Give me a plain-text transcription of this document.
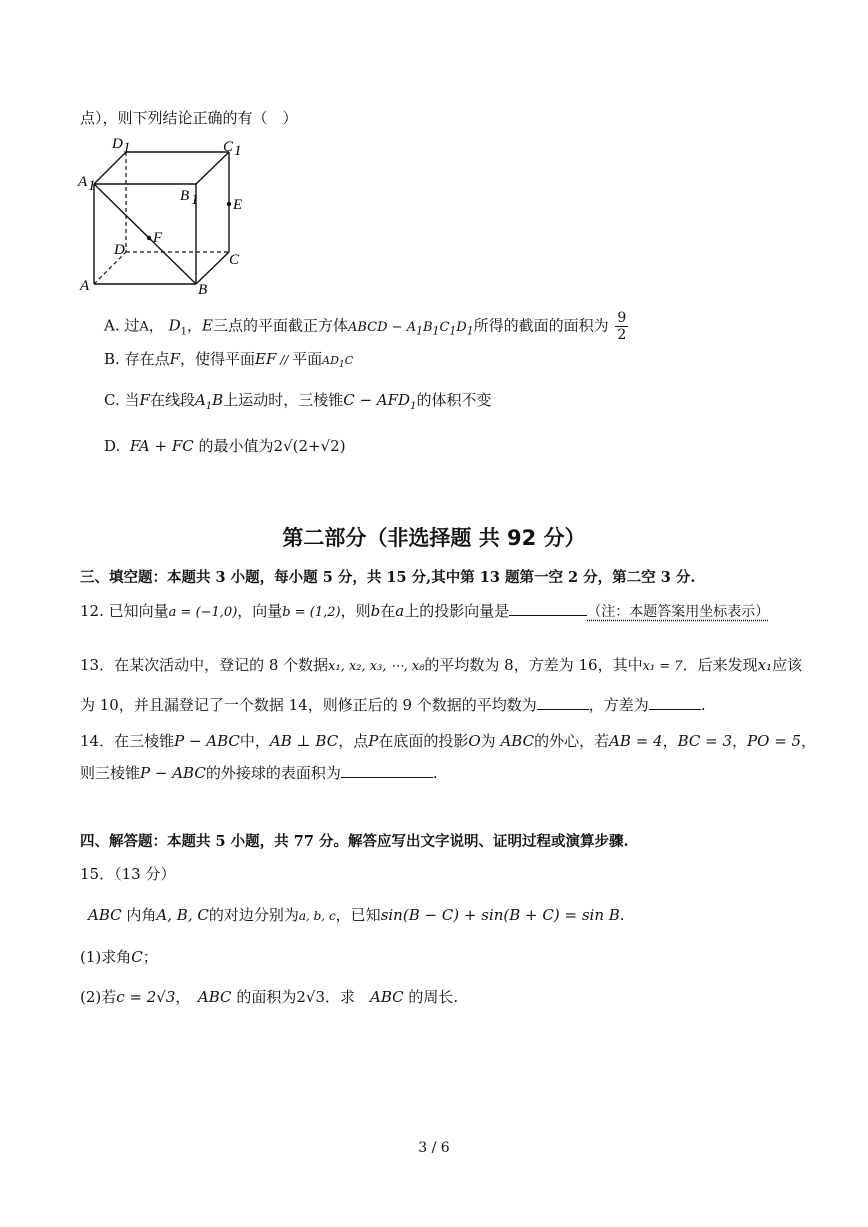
点），则下列结论正确的有（　）
D 1	C 1
A 1
B 1 E
F
D
C
A	B
A. 过A， $D_1$，E三点的平面截正方体ABCD − $A_1B_1C_1D_1$所得的截面的面积为 $\frac{9}{2}$
B. 存在点F，使得平面EF // 平面$AD_1C$
C. 当F在线段$A_1B$上运动时，三棱锥$C - AFD_1$的体积不变
D. FA + FC 的最小值为2√(2+√2)
第二部分（非选择题 共 92 分）
三、填空题：本题共 3 小题，每小题 5 分，共 15 分,其中第 13 题第一空 2 分，第二空 3 分.
12. 已知向量a = (−1,0)，向量b = (1,2)，则b在a上的投影向量是	（注：本题答案用坐标表示）
13．在某次活动中，登记的 8 个数据x₁, x₂, x₃, ⋯, x₈的平均数为 8，方差为 16，其中x₁ = 7．后来发现x₁应该
为 10，并且漏登记了一个数据 14，则修正后的 9 个数据的平均数为	，方差为	.
14．在三棱锥P − ABC中，AB ⊥ BC，点P在底面的投影O为 ABC的外心，若AB = 4，BC = 3，PO = 5，
则三棱锥P − ABC的外接球的表面积为	.
四、解答题：本题共 5 小题，共 77 分。解答应写出文字说明、证明过程或演算步骤.
15．（13 分）
ABC 内角A, B, C的对边分别为a, b, c，已知sin(B − C) + sin(B + C) = sin B.
(1)求角C；
(2)若c = 2√3，　ABC 的面积为2√3．求　ABC 的周长.
3 / 6
